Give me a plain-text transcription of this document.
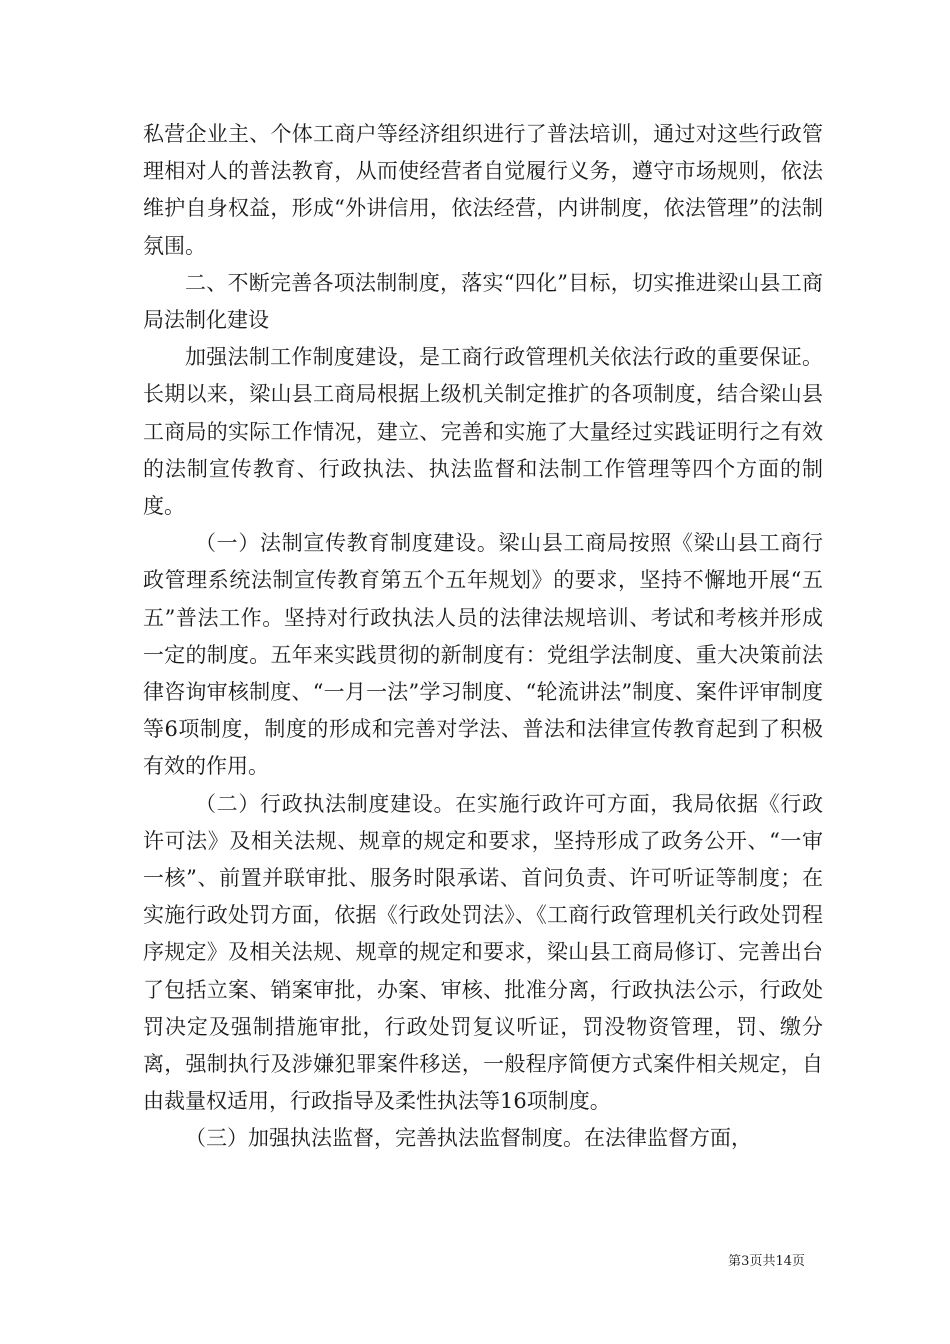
私营企业主、个体工商户等经济组织进行了普法培训，通过对这些行政管理相对人的普法教育，从而使经营者自觉履行义务，遵守市场规则，依法维护自身权益，形成“外讲信用，依法经营，内讲制度，依法管理”的法制氛围。

二、不断完善各项法制制度，落实“四化”目标，切实推进梁山县工商局法制化建设

加强法制工作制度建设，是工商行政管理机关依法行政的重要保证。长期以来，梁山县工商局根据上级机关制定推扩的各项制度，结合梁山县工商局的实际工作情况，建立、完善和实施了大量经过实践证明行之有效的法制宣传教育、行政执法、执法监督和法制工作管理等四个方面的制度。

（一）法制宣传教育制度建设。梁山县工商局按照《梁山县工商行政管理系统法制宣传教育第五个五年规划》的要求，坚持不懈地开展“五五”普法工作。坚持对行政执法人员的法律法规培训、考试和考核并形成一定的制度。五年来实践贯彻的新制度有：党组学法制度、重大决策前法律咨询审核制度、“一月一法”学习制度、“轮流讲法”制度、案件评审制度等6项制度，制度的形成和完善对学法、普法和法律宣传教育起到了积极有效的作用。

（二）行政执法制度建设。在实施行政许可方面，我局依据《行政许可法》及相关法规、规章的规定和要求，坚持形成了政务公开、“一审一核”、前置并联审批、服务时限承诺、首问负责、许可听证等制度；在实施行政处罚方面，依据《行政处罚法》、《工商行政管理机关行政处罚程序规定》及相关法规、规章的规定和要求，梁山县工商局修订、完善出台了包括立案、销案审批，办案、审核、批准分离，行政执法公示，行政处罚决定及强制措施审批，行政处罚复议听证，罚没物资管理，罚、缴分离，强制执行及涉嫌犯罪案件移送，一般程序简便方式案件相关规定，自由裁量权适用，行政指导及柔性执法等16项制度。

（三）加强执法监督，完善执法监督制度。在法律监督方面，

第3页共14页
